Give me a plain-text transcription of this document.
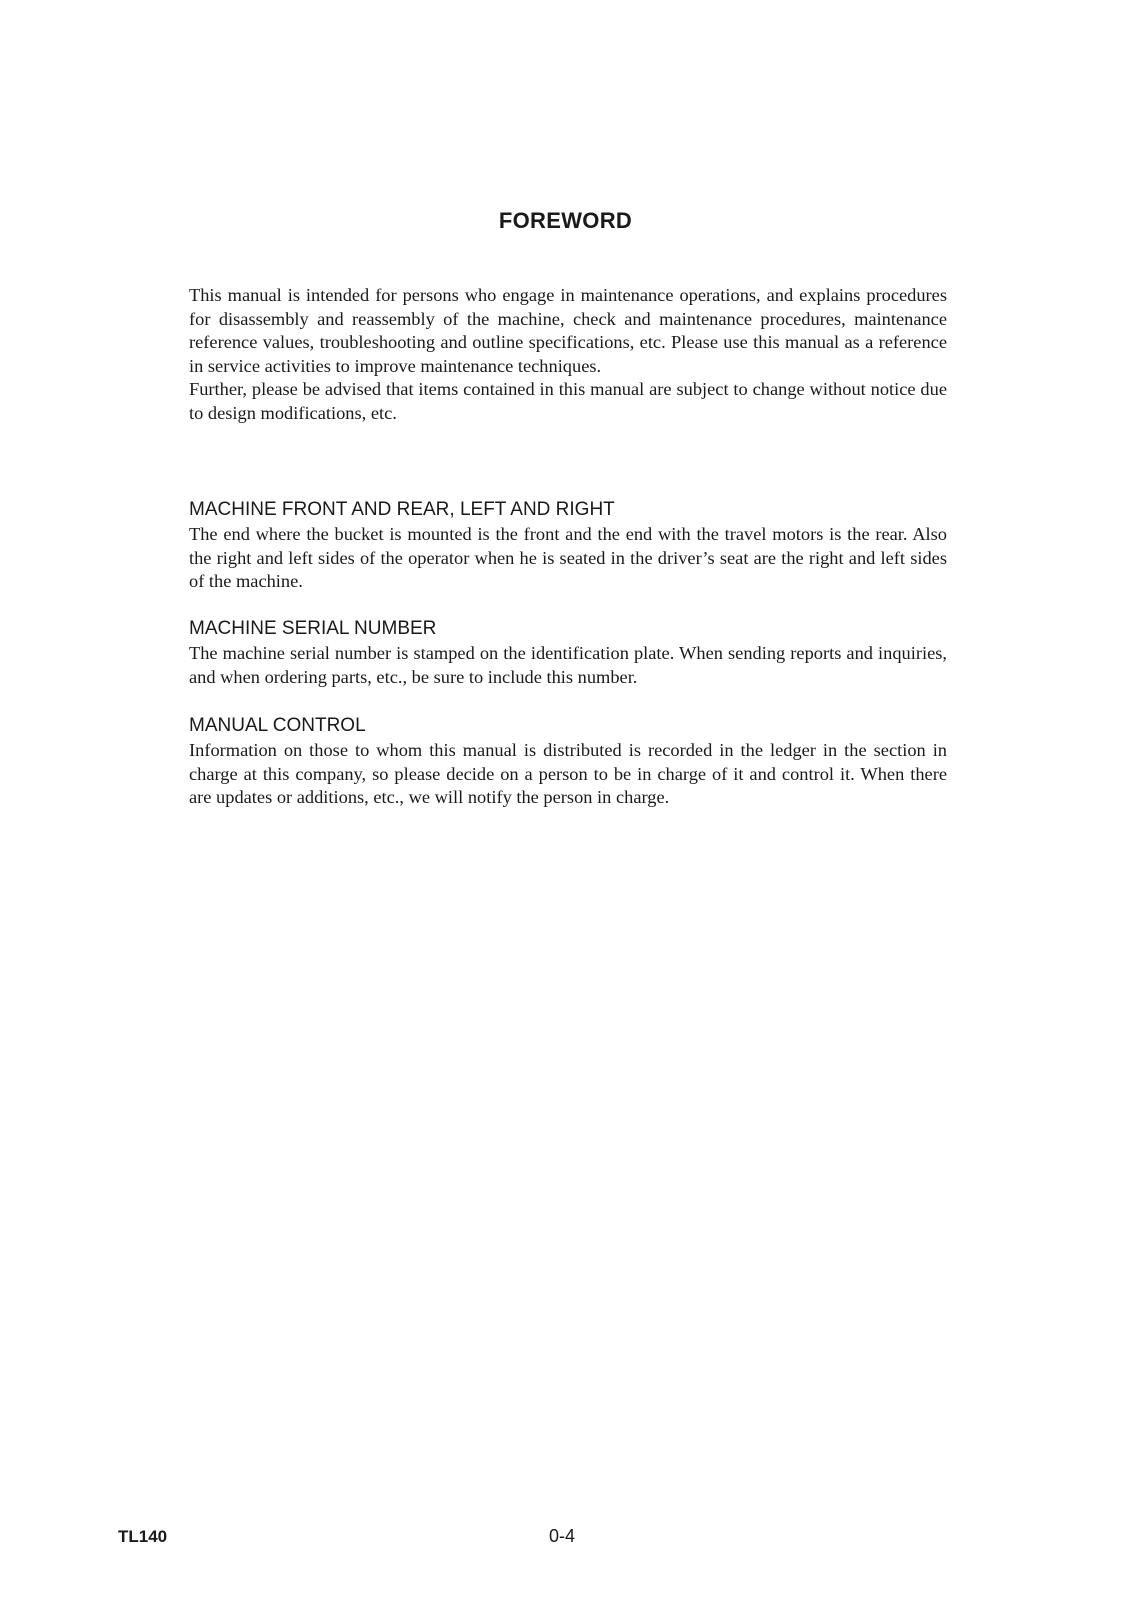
FOREWORD

This manual is intended for persons who engage in maintenance operations, and explains procedures for disassembly and reassembly of the machine, check and maintenance procedures, maintenance reference values, troubleshooting and outline specifications, etc. Please use this manual as a reference in service activities to improve maintenance techniques.

Further, please be advised that items contained in this manual are subject to change without notice due to design modifications, etc.

MACHINE FRONT AND REAR, LEFT AND RIGHT

The end where the bucket is mounted is the front and the end with the travel motors is the rear. Also the right and left sides of the operator when he is seated in the driver’s seat are the right and left sides of the machine.

MACHINE SERIAL NUMBER

The machine serial number is stamped on the identification plate. When sending reports and inquiries, and when ordering parts, etc., be sure to include this number.

MANUAL CONTROL

Information on those to whom this manual is distributed is recorded in the ledger in the section in charge at this company, so please decide on a person to be in charge of it and control it. When there are updates or additions, etc., we will notify the person in charge.

TL140	0-4
